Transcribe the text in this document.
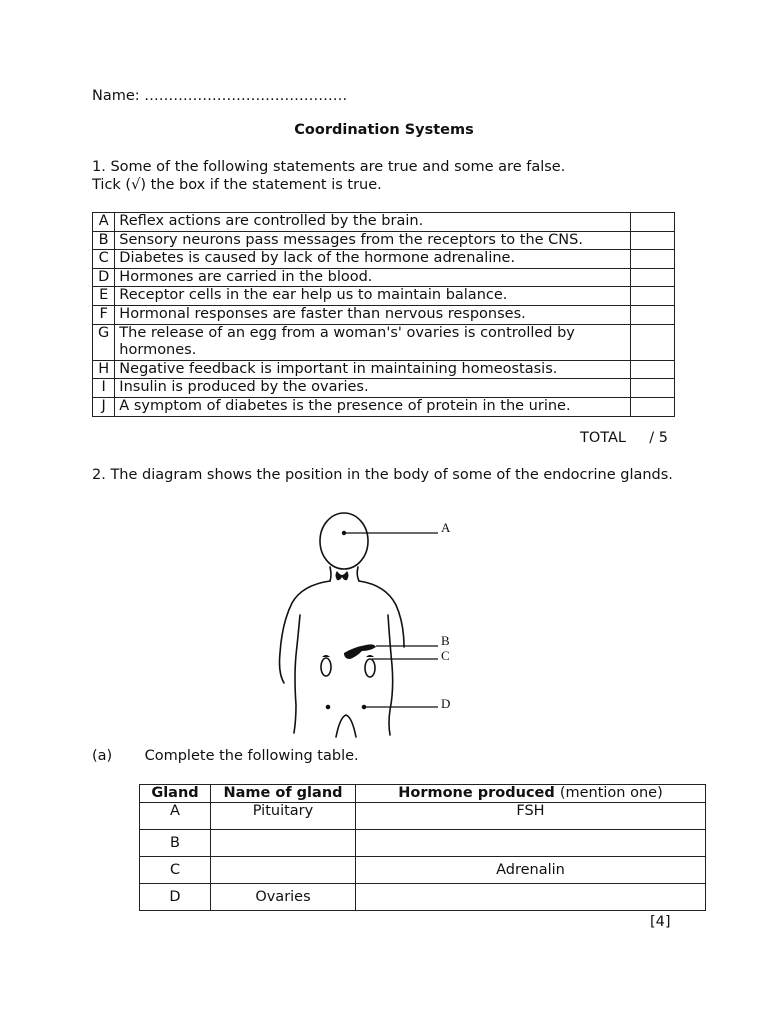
Name: ……………………………………
Coordination Systems
1. Some of the following statements are true and some are false.
Tick (√) the box if the statement is true.
A	Reflex actions are controlled by the brain.	
B	Sensory neurons pass messages from the receptors to the CNS.	
C	Diabetes is caused by lack of the hormone adrenaline.	
D	Hormones are carried in the blood.	
E	Receptor cells in the ear help us to maintain balance.	
F	Hormonal responses are faster than nervous responses.	
G	The release of an egg from a woman's' ovaries is controlled by hormones.	
H	Negative feedback is important in maintaining homeostasis.	
I	Insulin is produced by the ovaries.	
J	A symptom of diabetes is the presence of protein in the urine.	
TOTAL / 5
2. The diagram shows the position in the body of some of the endocrine glands.
A
B
C
D
(a) Complete the following table.
Gland	Name of gland	Hormone produced (mention one)
A	Pituitary	FSH
B		
C		Adrenalin
D	Ovaries	
[4]
